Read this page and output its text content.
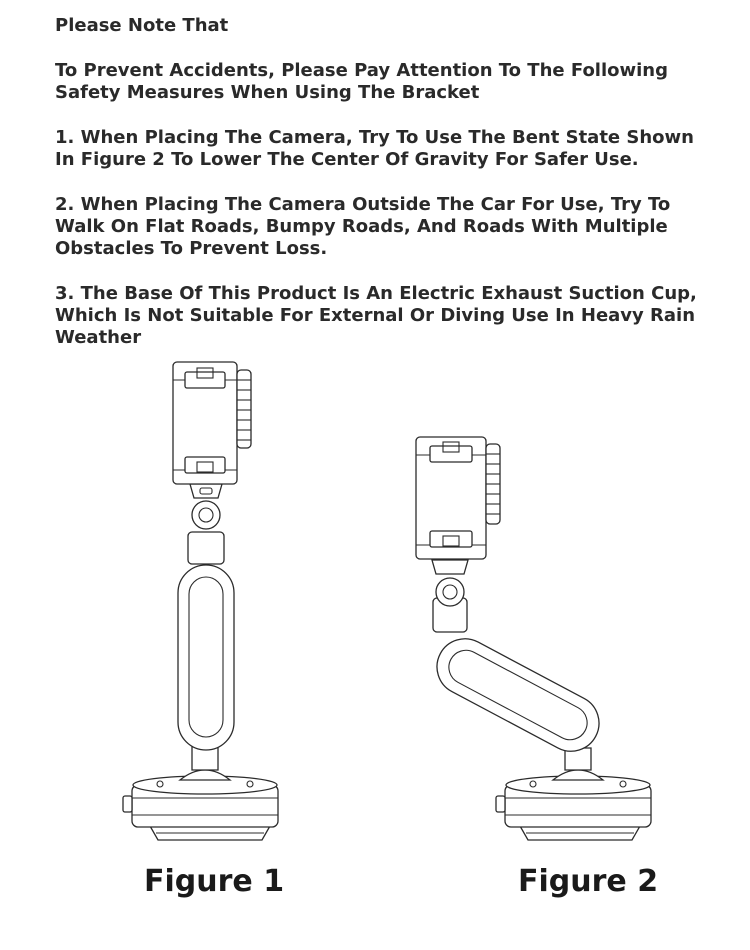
Please Note That
To Prevent Accidents, Please Pay Attention To The Following Safety Measures When Using The Bracket
1. When Placing The Camera, Try To Use The Bent State Shown In Figure 2 To Lower The Center Of Gravity For Safer Use.
2. When Placing The Camera Outside The Car For Use, Try To Walk On Flat Roads, Bumpy Roads, And Roads With Multiple Obstacles To Prevent Loss.
3. The Base Of This Product Is An Electric Exhaust Suction Cup, Which Is Not Suitable For External Or Diving Use In Heavy Rain Weather
Figure 1	Figure 2
